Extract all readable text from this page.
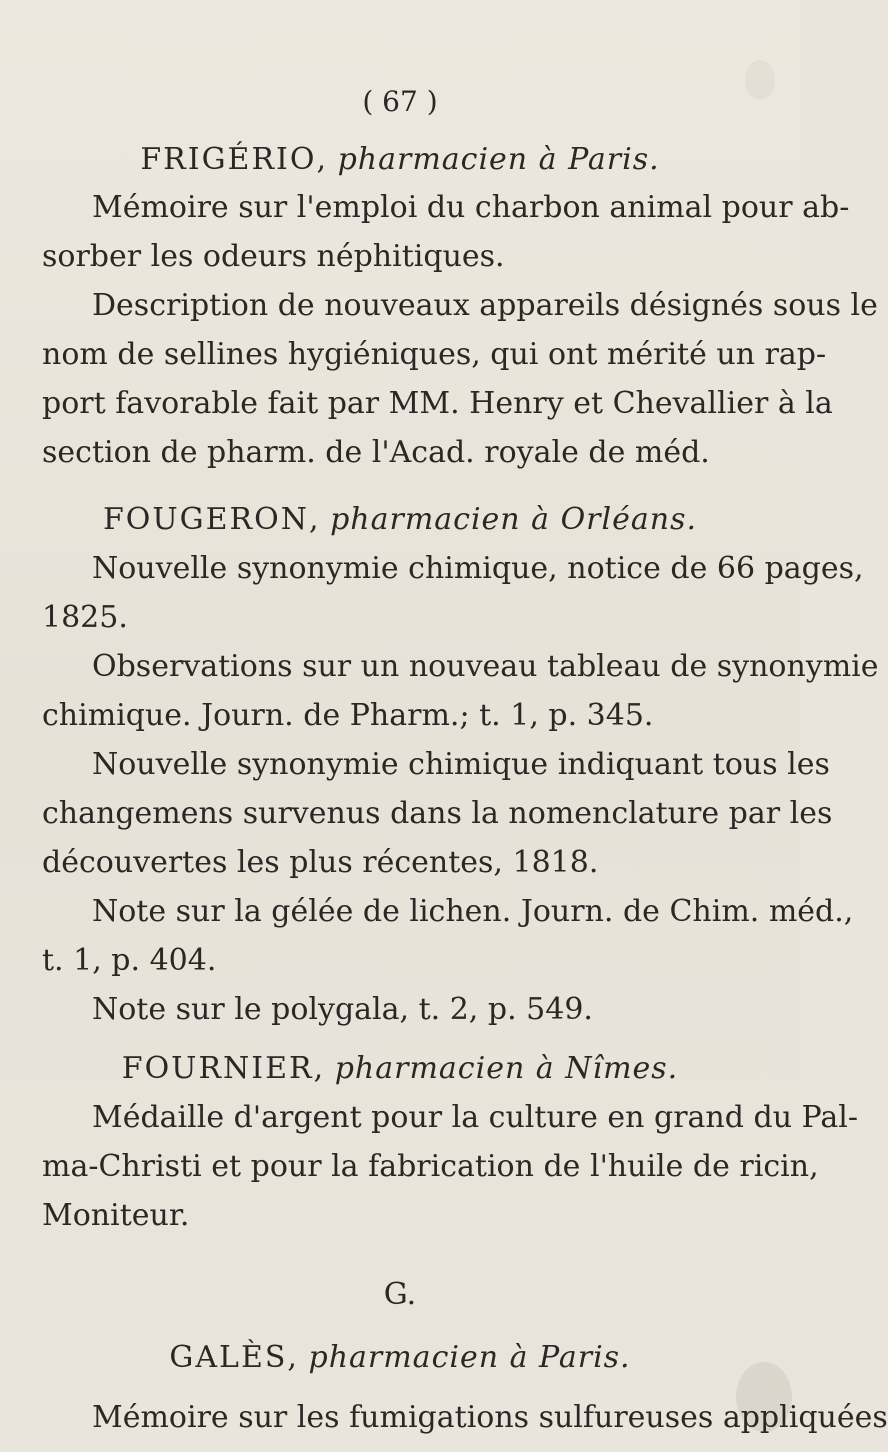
( 67 )
FRIGÉRIO, pharmacien à Paris.
Mémoire sur l'emploi du charbon animal pour ab-
sorber les odeurs néphitiques.
Description de nouveaux appareils désignés sous le
nom de sellines hygiéniques, qui ont mérité un rap-
port favorable fait par MM. Henry et Chevallier à la
section de pharm. de l'Acad. royale de méd.
FOUGERON, pharmacien à Orléans.
Nouvelle synonymie chimique, notice de 66 pages,
1825.
Observations sur un nouveau tableau de synonymie
chimique. Journ. de Pharm.; t. 1, p. 345.
Nouvelle synonymie chimique indiquant tous les
changemens survenus dans la nomenclature par les
découvertes les plus récentes, 1818.
Note sur la gélée de lichen. Journ. de Chim. méd.,
t. 1, p. 404.
Note sur le polygala, t. 2, p. 549.
FOURNIER, pharmacien à Nîmes.
Médaille d'argent pour la culture en grand du Pal-
ma-Christi et pour la fabrication de l'huile de ricin,
Moniteur.
G.
GALÈS, pharmacien à Paris.
Mémoire sur les fumigations sulfureuses appliquées
